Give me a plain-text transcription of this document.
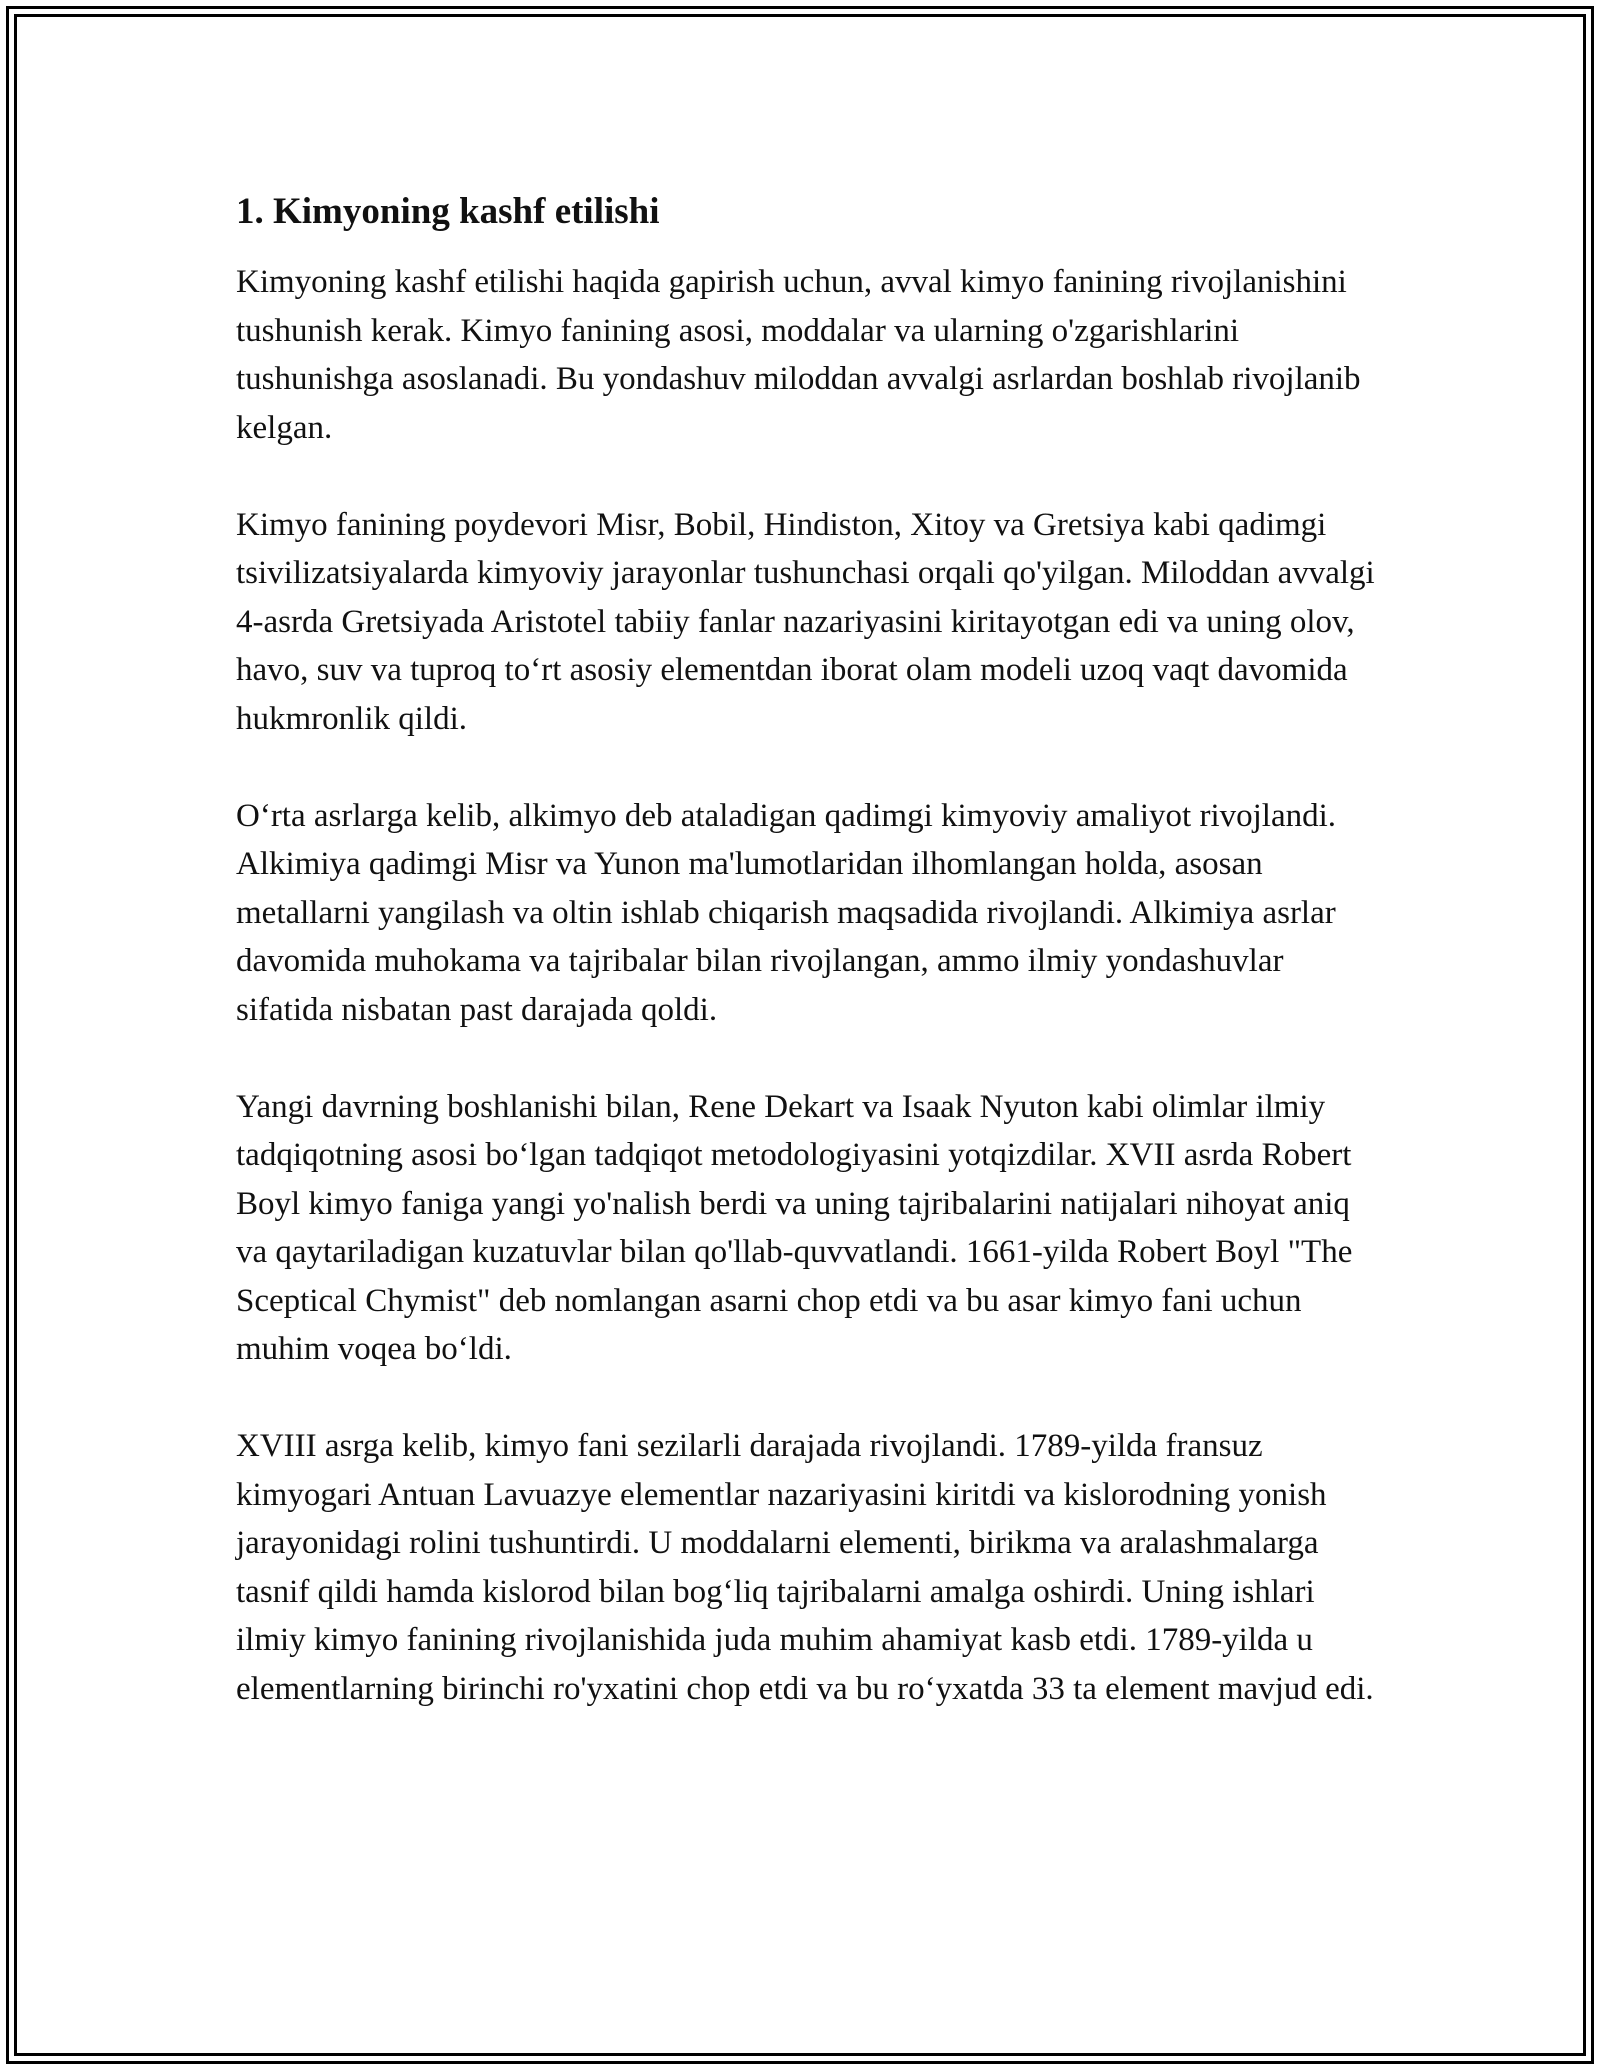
1. Kimyoning kashf etilishi

Kimyoning kashf etilishi haqida gapirish uchun, avval kimyo fanining rivojlanishini tushunish kerak. Kimyo fanining asosi, moddalar va ularning o'zgarishlarini tushunishga asoslanadi. Bu yondashuv miloddan avvalgi asrlardan boshlab rivojlanib kelgan.

Kimyo fanining poydevori Misr, Bobil, Hindiston, Xitoy va Gretsiya kabi qadimgi tsivilizatsiyalarda kimyoviy jarayonlar tushunchasi orqali qo'yilgan. Miloddan avvalgi 4-asrda Gretsiyada Aristotel tabiiy fanlar nazariyasini kiritayotgan edi va uning olov, havo, suv va tuproq to‘rt asosiy elementdan iborat olam modeli uzoq vaqt davomida hukmronlik qildi.

O‘rta asrlarga kelib, alkimyo deb ataladigan qadimgi kimyoviy amaliyot rivojlandi. Alkimiya qadimgi Misr va Yunon ma'lumotlaridan ilhomlangan holda, asosan metallarni yangilash va oltin ishlab chiqarish maqsadida rivojlandi. Alkimiya asrlar davomida muhokama va tajribalar bilan rivojlangan, ammo ilmiy yondashuvlar sifatida nisbatan past darajada qoldi.

Yangi davrning boshlanishi bilan, Rene Dekart va Isaak Nyuton kabi olimlar ilmiy tadqiqotning asosi bo‘lgan tadqiqot metodologiyasini yotqizdilar. XVII asrda Robert Boyl kimyo faniga yangi yo'nalish berdi va uning tajribalarini natijalari nihoyat aniq va qaytariladigan kuzatuvlar bilan qo'llab-quvvatlandi. 1661-yilda Robert Boyl "The Sceptical Chymist" deb nomlangan asarni chop etdi va bu asar kimyo fani uchun muhim voqea bo‘ldi.

XVIII asrga kelib, kimyo fani sezilarli darajada rivojlandi. 1789-yilda fransuz kimyogari Antuan Lavuazye elementlar nazariyasini kiritdi va kislorodning yonish jarayonidagi rolini tushuntirdi. U moddalarni elementi, birikma va aralashmalarga tasnif qildi hamda kislorod bilan bog‘liq tajribalarni amalga oshirdi. Uning ishlari ilmiy kimyo fanining rivojlanishida juda muhim ahamiyat kasb etdi. 1789-yilda u elementlarning birinchi ro'yxatini chop etdi va bu ro‘yxatda 33 ta element mavjud edi.
